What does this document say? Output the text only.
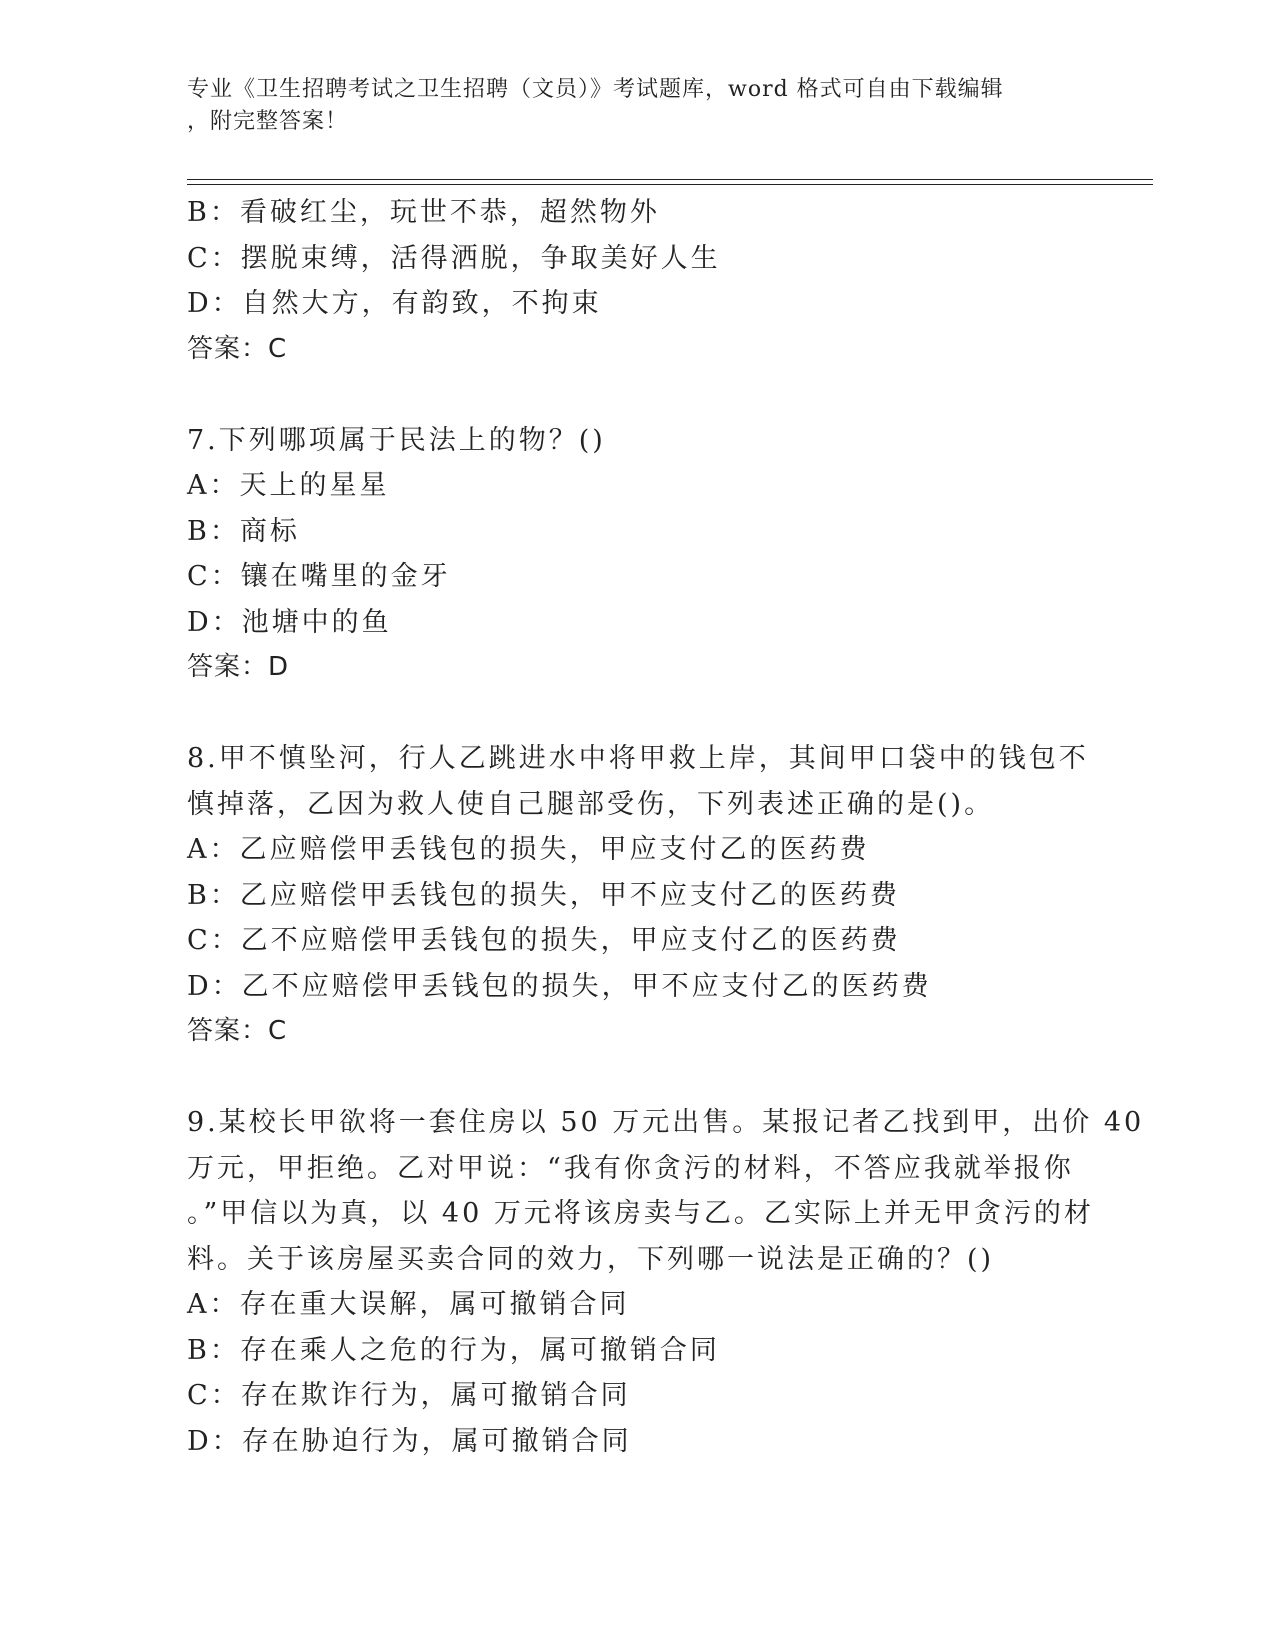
专业《卫生招聘考试之卫生招聘（文员）》考试题库，word 格式可自由下载编辑
，附完整答案！
B：看破红尘，玩世不恭，超然物外
C：摆脱束缚，活得洒脱，争取美好人生
D：自然大方，有韵致，不拘束
答案：C
7.下列哪项属于民法上的物？()
A：天上的星星
B：商标
C：镶在嘴里的金牙
D：池塘中的鱼
答案：D
8.甲不慎坠河，行人乙跳进水中将甲救上岸，其间甲口袋中的钱包不
慎掉落，乙因为救人使自己腿部受伤，下列表述正确的是()。
A：乙应赔偿甲丢钱包的损失，甲应支付乙的医药费
B：乙应赔偿甲丢钱包的损失，甲不应支付乙的医药费
C：乙不应赔偿甲丢钱包的损失，甲应支付乙的医药费
D：乙不应赔偿甲丢钱包的损失，甲不应支付乙的医药费
答案：C
9.某校长甲欲将一套住房以 50 万元出售。某报记者乙找到甲，出价 40
万元，甲拒绝。乙对甲说：“我有你贪污的材料，不答应我就举报你
。”甲信以为真，以 40 万元将该房卖与乙。乙实际上并无甲贪污的材
料。关于该房屋买卖合同的效力，下列哪一说法是正确的？()
A：存在重大误解，属可撤销合同
B：存在乘人之危的行为，属可撤销合同
C：存在欺诈行为，属可撤销合同
D：存在胁迫行为，属可撤销合同
